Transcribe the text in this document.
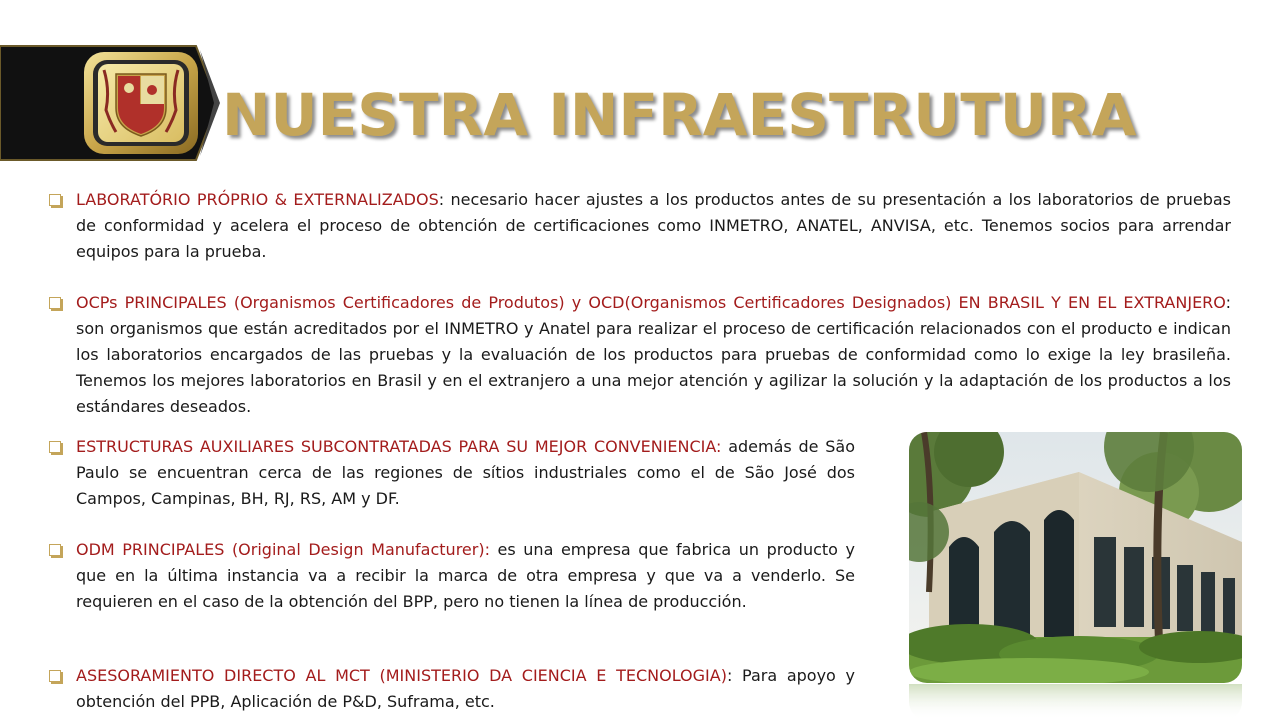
NUESTRA INFRAESTRUTURA
LABORATÓRIO PRÓPRIO & EXTERNALIZADOS: necesario hacer ajustes a los productos antes de su presentación a los laboratorios de pruebas de conformidad y acelera el proceso de obtención de certificaciones como INMETRO, ANATEL, ANVISA, etc. Tenemos socios para arrendar equipos para la prueba.
OCPs PRINCIPALES (Organismos Certificadores de Produtos) y OCD(Organismos Certificadores Designados) EN BRASIL Y EN EL EXTRANJERO: son organismos que están acreditados por el INMETRO y Anatel para realizar el proceso de certificación relacionados con el producto e indican los laboratorios encargados de las pruebas y la evaluación de los productos para pruebas de conformidad como lo exige la ley brasileña. Tenemos los mejores laboratorios en Brasil y en el extranjero a una mejor atención y agilizar la solución y la adaptación de los productos a los estándares deseados.
ESTRUCTURAS AUXILIARES SUBCONTRATADAS PARA SU MEJOR CONVENIENCIA: además de São Paulo se encuentran cerca de las regiones de sítios industriales como el de São José dos Campos, Campinas, BH, RJ, RS, AM y DF.
ODM PRINCIPALES (Original Design Manufacturer): es una empresa que fabrica un producto y que en la última instancia va a recibir la marca de otra empresa y que va a venderlo. Se requieren en el caso de la obtención del BPP, pero no tienen la línea de producción.
ASESORAMIENTO DIRECTO AL MCT (MINISTERIO DA CIENCIA E TECNOLOGIA): Para apoyo y obtención del PPB, Aplicación de P&D, Suframa, etc.
